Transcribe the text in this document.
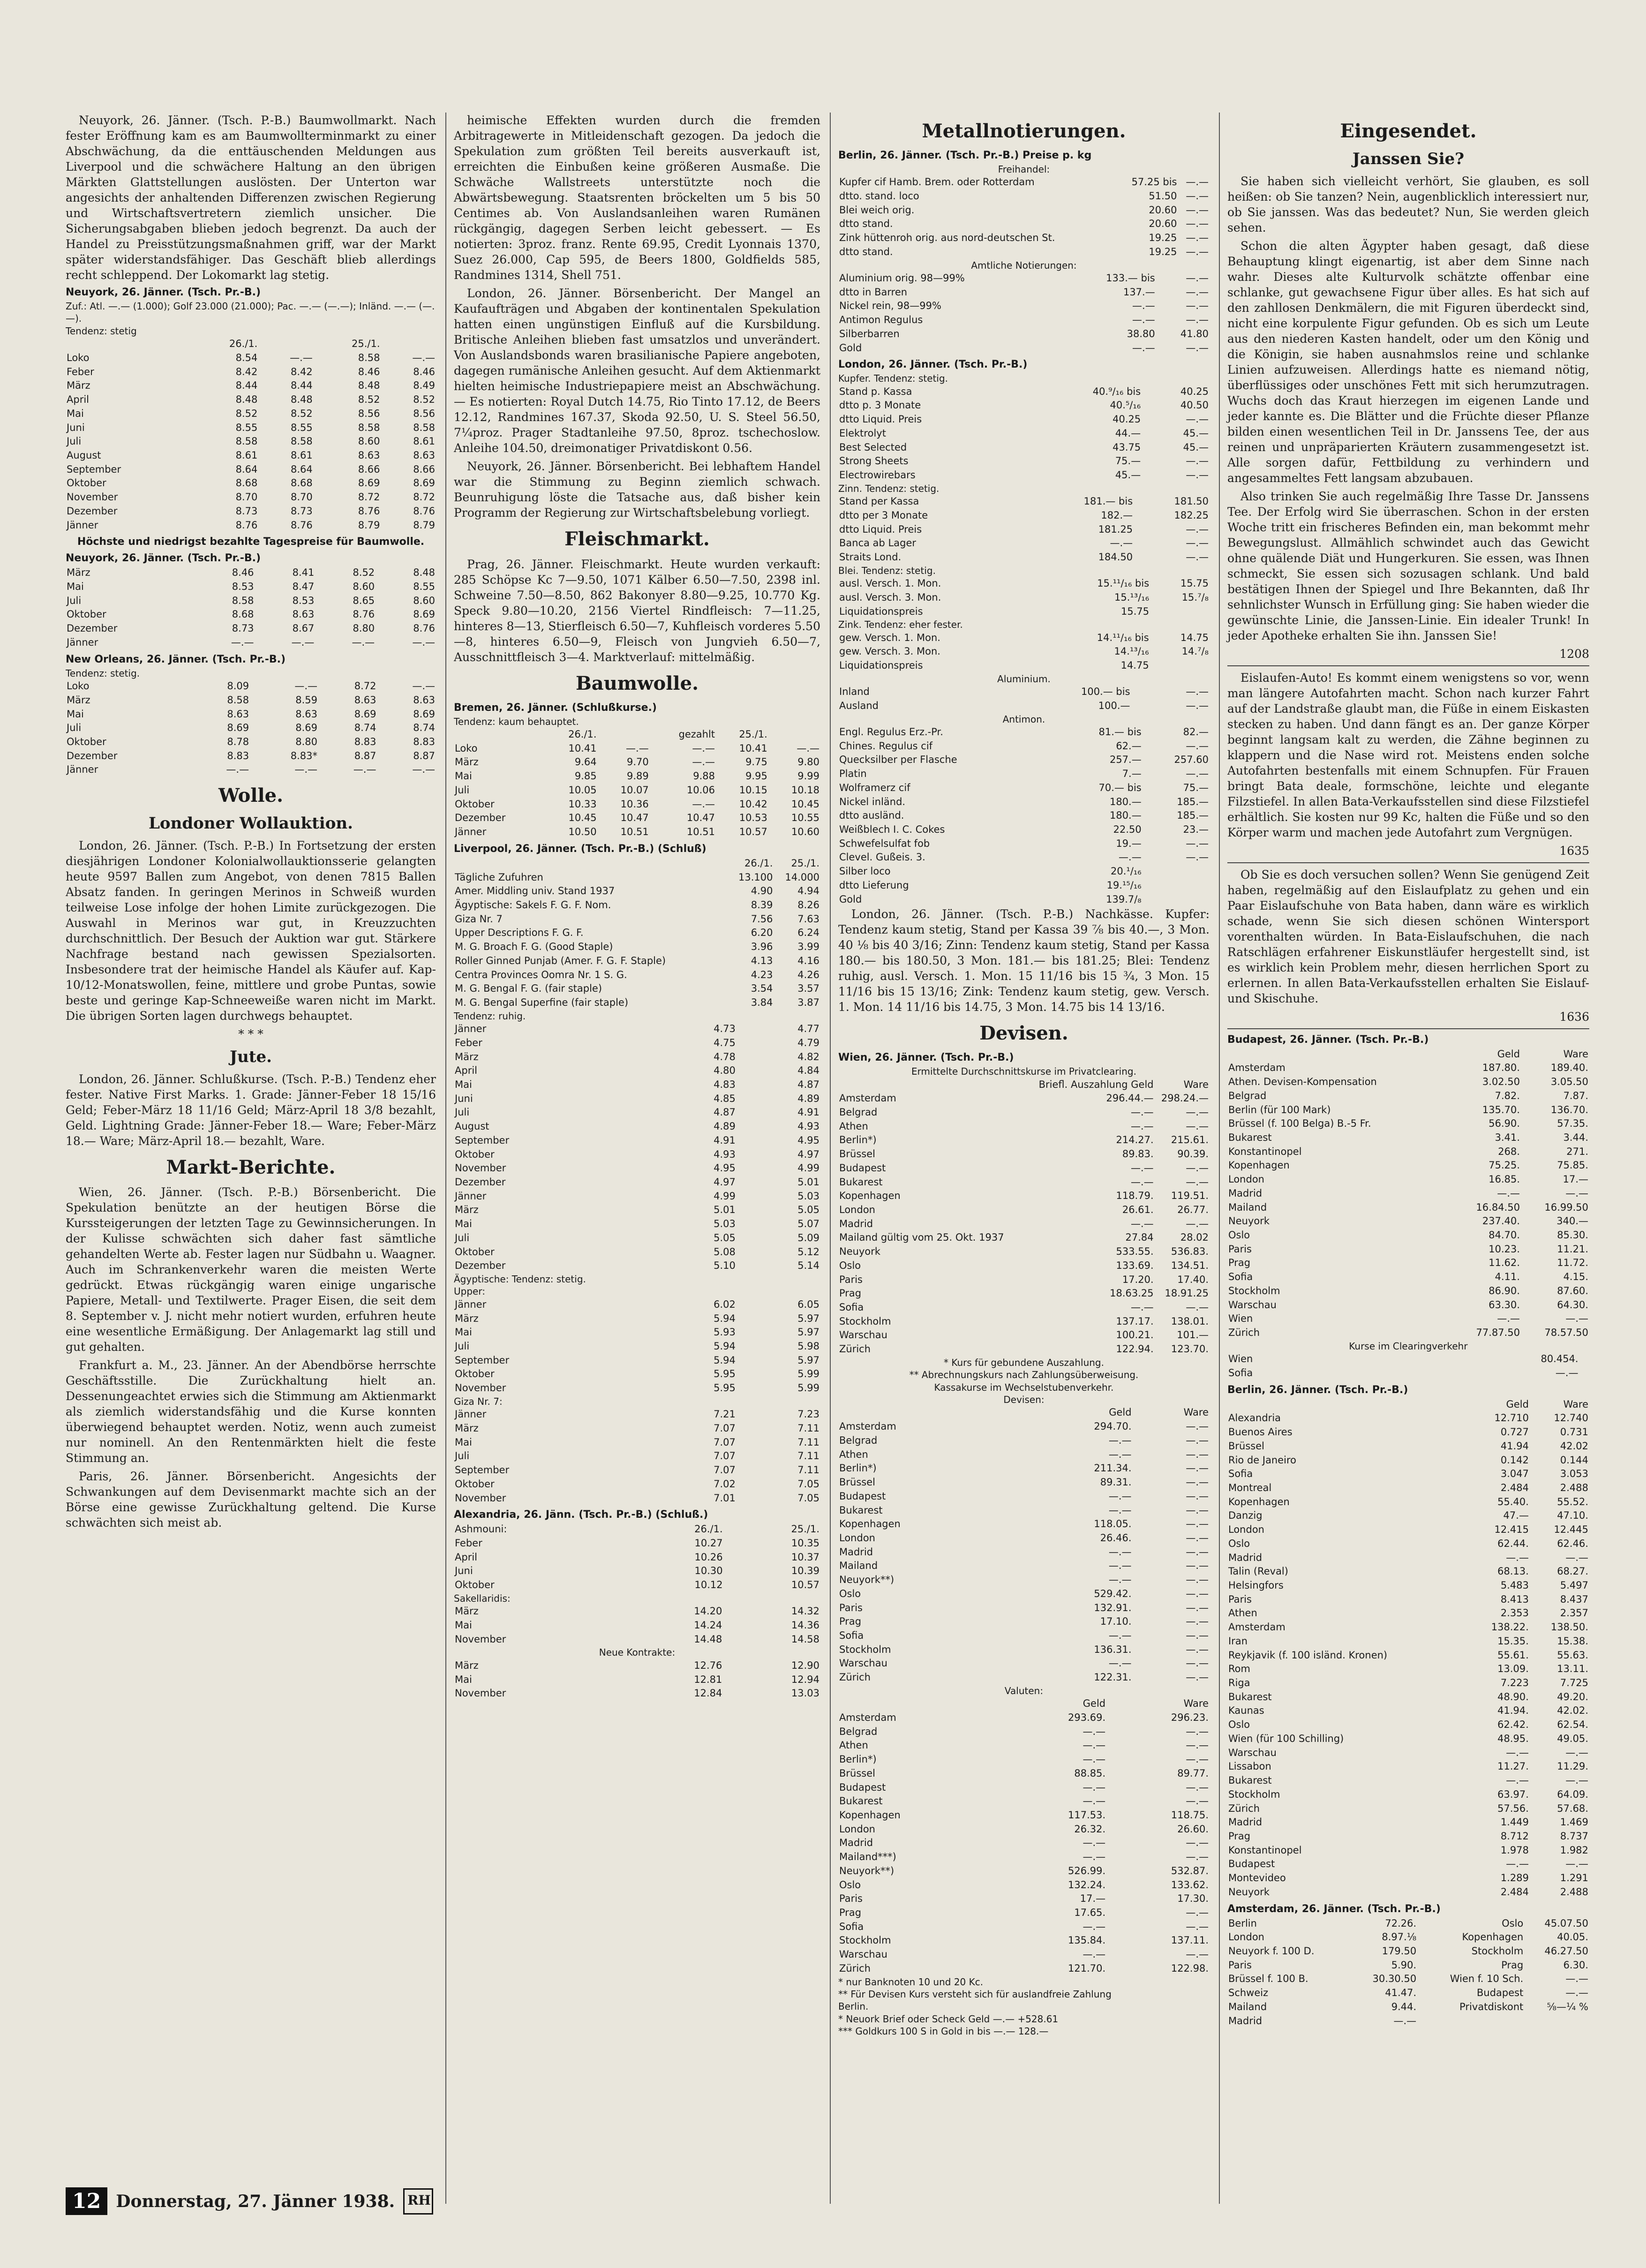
Neuyork, 26. Jänner. (Tsch. P.-B.) Baumwollmarkt. Nach fester Eröffnung kam es am Baumwollterminmarkt zu einer Abschwächung, da die enttäuschenden Meldungen aus Liverpool und die schwächere Haltung an den übrigen Märkten Glattstellungen auslösten. Der Unterton war angesichts der anhaltenden Differenzen zwischen Regierung und Wirtschaftsvertretern ziemlich unsicher. Die Sicherungsabgaben blieben jedoch begrenzt. Da auch der Handel zu Preisstützungsmaßnahmen griff, war der Markt später widerstandsfähiger. Das Geschäft blieb allerdings recht schleppend. Der Lokomarkt lag stetig.

Neuyork, 26. Jänner. (Tsch. Pr.-B.)
Zuf.: Atl. —.— (1.000); Golf 23.000 (21.000); Pac. —.— (—.—); Inländ. —.— (—.—).
Tendenz: stetig
	26./1.		25./1.	
Loko	8.54	—.—	8.58	—.—
Feber	8.42	8.42	8.46	8.46
März	8.44	8.44	8.48	8.49
April	8.48	8.48	8.52	8.52
Mai	8.52	8.52	8.56	8.56
Juni	8.55	8.55	8.58	8.58
Juli	8.58	8.58	8.60	8.61
August	8.61	8.61	8.63	8.63
September	8.64	8.64	8.66	8.66
Oktober	8.68	8.68	8.69	8.69
November	8.70	8.70	8.72	8.72
Dezember	8.73	8.73	8.76	8.76
Jänner	8.76	8.76	8.79	8.79
Höchste und niedrigst bezahlte Tagespreise für Baumwolle.
Neuyork, 26. Jänner. (Tsch. Pr.-B.)
März	8.46	8.41	8.52	8.48
Mai	8.53	8.47	8.60	8.55
Juli	8.58	8.53	8.65	8.60
Oktober	8.68	8.63	8.76	8.69
Dezember	8.73	8.67	8.80	8.76
Jänner	—.—	—.—	—.—	—.—
New Orleans, 26. Jänner. (Tsch. Pr.-B.)
Tendenz: stetig.
Loko	8.09	—.—	8.72	—.—
März	8.58	8.59	8.63	8.63
Mai	8.63	8.63	8.69	8.69
Juli	8.69	8.69	8.74	8.74
Oktober	8.78	8.80	8.83	8.83
Dezember	8.83	8.83*	8.87	8.87
Jänner	—.—	—.—	—.—	—.—
Wolle.
Londoner Wollauktion.

London, 26. Jänner. (Tsch. P.-B.) In Fortsetzung der ersten diesjährigen Londoner Kolonialwollauktionsserie gelangten heute 9597 Ballen zum Angebot, von denen 7815 Ballen Absatz fanden. In geringen Merinos in Schweiß wurden teilweise Lose infolge der hohen Limite zurückgezogen. Die Auswahl in Merinos war gut, in Kreuzzuchten durchschnittlich. Der Besuch der Auktion war gut. Stärkere Nachfrage bestand nach gewissen Spezialsorten. Insbesondere trat der heimische Handel als Käufer auf. Kap-10/12-Monatswollen, feine, mittlere und grobe Puntas, sowie beste und geringe Kap-Schneeweiße waren nicht im Markt. Die übrigen Sorten lagen durchwegs behauptet.

* * *
Jute.

London, 26. Jänner. Schlußkurse. (Tsch. P.-B.) Tendenz eher fester. Native First Marks. 1. Grade: Jänner-Feber 18 15/16 Geld; Feber-März 18 11/16 Geld; März-April 18 3/8 bezahlt, Geld. Lightning Grade: Jänner-Feber 18.— Ware; Feber-März 18.— Ware; März-April 18.— bezahlt, Ware.

Markt-Berichte.

Wien, 26. Jänner. (Tsch. P.-B.) Börsenbericht. Die Spekulation benützte an der heutigen Börse die Kurssteigerungen der letzten Tage zu Gewinnsicherungen. In der Kulisse schwächten sich daher fast sämtliche gehandelten Werte ab. Fester lagen nur Südbahn u. Waagner. Auch im Schrankenverkehr waren die meisten Werte gedrückt. Etwas rückgängig waren einige ungarische Papiere, Metall- und Textilwerte. Prager Eisen, die seit dem 8. September v. J. nicht mehr notiert wurden, erfuhren heute eine wesentliche Ermäßigung. Der Anlagemarkt lag still und gut gehalten.

Frankfurt a. M., 23. Jänner. An der Abendbörse herrschte Geschäftsstille. Die Zurückhaltung hielt an. Dessenungeachtet erwies sich die Stimmung am Aktienmarkt als ziemlich widerstandsfähig und die Kurse konnten überwiegend behauptet werden. Notiz, wenn auch zumeist nur nominell. An den Rentenmärkten hielt die feste Stimmung an.

Paris, 26. Jänner. Börsenbericht. Angesichts der Schwankungen auf dem Devisenmarkt machte sich an der Börse eine gewisse Zurückhaltung geltend. Die Kurse schwächten sich meist ab.

heimische Effekten wurden durch die fremden Arbitragewerte in Mitleidenschaft gezogen. Da jedoch die Spekulation zum größten Teil bereits ausverkauft ist, erreichten die Einbußen keine größeren Ausmaße. Die Schwäche Wallstreets unterstützte noch die Abwärtsbewegung. Staatsrenten bröckelten um 5 bis 50 Centimes ab. Von Auslandsanleihen waren Rumänen rückgängig, dagegen Serben leicht gebessert. — Es notierten: 3proz. franz. Rente 69.95, Credit Lyonnais 1370, Suez 26.000, Cap 595, de Beers 1800, Goldfields 585, Randmines 1314, Shell 751.

London, 26. Jänner. Börsenbericht. Der Mangel an Kaufaufträgen und Abgaben der kontinentalen Spekulation hatten einen ungünstigen Einfluß auf die Kursbildung. Britische Anleihen blieben fast umsatzlos und unverändert. Von Auslandsbonds waren brasilianische Papiere angeboten, dagegen rumänische Anleihen gesucht. Auf dem Aktienmarkt hielten heimische Industriepapiere meist an Abschwächung. — Es notierten: Royal Dutch 14.75, Rio Tinto 17.12, de Beers 12.12, Randmines 167.37, Skoda 92.50, U. S. Steel 56.50, 7¼proz. Prager Stadtanleihe 97.50, 8proz. tschechoslow. Anleihe 104.50, dreimonatiger Privatdiskont 0.56.

Neuyork, 26. Jänner. Börsenbericht. Bei lebhaftem Handel war die Stimmung zu Beginn ziemlich schwach. Beunruhigung löste die Tatsache aus, daß bisher kein Programm der Regierung zur Wirtschaftsbelebung vorliegt.

Fleischmarkt.

Prag, 26. Jänner. Fleischmarkt. Heute wurden verkauft: 285 Schöpse Kc 7—9.50, 1071 Kälber 6.50—7.50, 2398 inl. Schweine 7.50—8.50, 862 Bakonyer 8.80—9.25, 10.770 Kg. Speck 9.80—10.20, 2156 Viertel Rindfleisch: 7—11.25, hinteres 8—13, Stierfleisch 6.50—7, Kuhfleisch vorderes 5.50—8, hinteres 6.50—9, Fleisch von Jungvieh 6.50—7, Ausschnittfleisch 3—4. Marktverlauf: mittelmäßig.

Baumwolle.
Bremen, 26. Jänner. (Schlußkurse.)
Tendenz: kaum behauptet.
	26./1.		gezahlt	25./1.	
Loko	10.41	—.—	—.—	10.41	—.—
März	9.64	9.70	—.—	9.75	9.80
Mai	9.85	9.89	9.88	9.95	9.99
Juli	10.05	10.07	10.06	10.15	10.18
Oktober	10.33	10.36	—.—	10.42	10.45
Dezember	10.45	10.47	10.47	10.53	10.55
Jänner	10.50	10.51	10.51	10.57	10.60
Liverpool, 26. Jänner. (Tsch. Pr.-B.) (Schluß)
	26./1.	25./1.
Tägliche Zufuhren	13.100	14.000
Amer. Middling univ. Stand 1937	4.90	4.94
Ägyptische: Sakels F. G. F. Nom.	8.39	8.26
Giza Nr. 7	7.56	7.63
Upper Descriptions F. G. F.	6.20	6.24
M. G. Broach F. G. (Good Staple)	3.96	3.99
Roller Ginned Punjab (Amer. F. G. F. Staple)	4.13	4.16
Centra Provinces Oomra Nr. 1 S. G.	4.23	4.26
M. G. Bengal F. G. (fair staple)	3.54	3.57
M. G. Bengal Superfine (fair staple)	3.84	3.87
Tendenz: ruhig.
Jänner	4.73	4.77
Feber	4.75	4.79
März	4.78	4.82
April	4.80	4.84
Mai	4.83	4.87
Juni	4.85	4.89
Juli	4.87	4.91
August	4.89	4.93
September	4.91	4.95
Oktober	4.93	4.97
November	4.95	4.99
Dezember	4.97	5.01
Jänner	4.99	5.03
März	5.01	5.05
Mai	5.03	5.07
Juli	5.05	5.09
Oktober	5.08	5.12
Dezember	5.10	5.14
Ägyptische: Tendenz: stetig.
Upper:
Jänner	6.02	6.05
März	5.94	5.97
Mai	5.93	5.97
Juli	5.94	5.98
September	5.94	5.97
Oktober	5.95	5.99
November	5.95	5.99
Giza Nr. 7:
Jänner	7.21	7.23
März	7.07	7.11
Mai	7.07	7.11
Juli	7.07	7.11
September	7.07	7.11
Oktober	7.02	7.05
November	7.01	7.05
Alexandria, 26. Jänn. (Tsch. Pr.-B.) (Schluß.)
Ashmouni:	26./1.	25./1.
Feber	10.27	10.35
April	10.26	10.37
Juni	10.30	10.39
Oktober	10.12	10.57
Sakellaridis:
März	14.20	14.32
Mai	14.24	14.36
November	14.48	14.58
Neue Kontrakte:
März	12.76	12.90
Mai	12.81	12.94
November	12.84	13.03
Metallnotierungen.
Berlin, 26. Jänner. (Tsch. Pr.-B.) Preise p. kg
Freihandel:
Kupfer cif Hamb. Brem. oder Rotterdam	57.25 bis	—.—
dtto. stand. loco	51.50	—.—
Blei weich orig.	20.60	—.—
dtto stand.	20.60	—.—
Zink hüttenroh orig. aus nord-deutschen St.	19.25	—.—
dtto stand.	19.25	—.—
Amtliche Notierungen:
Aluminium orig. 98—99%	133.— bis	—.—
dtto in Barren	137.—	—.—
Nickel rein, 98—99%	—.—	—.—
Antimon Regulus	—.—	—.—
Silberbarren	38.80	41.80
Gold	—.—	—.—
London, 26. Jänner. (Tsch. Pr.-B.)
Kupfer. Tendenz: stetig.
Stand p. Kassa	40.⁹/₁₆ bis	40.25
dtto p. 3 Monate	40.⁵/₁₆	40.50
dtto Liquid. Preis	40.25	—.—
Elektrolyt	44.—	45.—
Best Selected	43.75	45.—
Strong Sheets	75.—	—.—
Electrowirebars	45.—	—.—
Zinn. Tendenz: stetig.
Stand per Kassa	181.— bis	181.50
dtto per 3 Monate	182.—	182.25
dtto Liquid. Preis	181.25	—.—
Banca ab Lager	—.—	—.—
Straits Lond.	184.50	—.—
Blei. Tendenz: stetig.
ausl. Versch. 1. Mon.	15.¹¹/₁₆ bis	15.75
ausl. Versch. 3. Mon.	15.¹³/₁₆	15.⁷/₈
Liquidationspreis	15.75	
Zink. Tendenz: eher fester.
gew. Versch. 1. Mon.	14.¹¹/₁₆ bis	14.75
gew. Versch. 3. Mon.	14.¹³/₁₆	14.⁷/₈
Liquidationspreis	14.75	
Aluminium.
Inland	100.— bis	—.—
Ausland	100.—	—.—
Antimon.
Engl. Regulus Erz.-Pr.	81.— bis	82.—
Chines. Regulus cif	62.—	—.—
Quecksilber per Flasche	257.—	257.60
Platin	7.—	—.—
Wolframerz cif	70.— bis	75.—
Nickel inländ.	180.—	185.—
dtto ausländ.	180.—	185.—
Weißblech I. C. Cokes	22.50	23.—
Schwefelsulfat fob	19.—	—.—
Clevel. Gußeis. 3.	—.—	—.—
Silber loco	20.¹/₁₆	
dtto Lieferung	19.¹⁵/₁₆	
Gold	139.7/₈	

London, 26. Jänner. (Tsch. P.-B.) Nachkässe. Kupfer: Tendenz kaum stetig, Stand per Kassa 39 ⅞ bis 40.—, 3 Mon. 40 ⅛ bis 40 3/16; Zinn: Tendenz kaum stetig, Stand per Kassa 180.— bis 180.50, 3 Mon. 181.— bis 181.25; Blei: Tendenz ruhig, ausl. Versch. 1. Mon. 15 11/16 bis 15 ¾, 3 Mon. 15 11/16 bis 15 13/16; Zink: Tendenz kaum stetig, gew. Versch. 1. Mon. 14 11/16 bis 14.75, 3 Mon. 14.75 bis 14 13/16.

Devisen.
Wien, 26. Jänner. (Tsch. Pr.-B.)
Ermittelte Durchschnittskurse im Privatclearing.
	Briefl. Auszahlung Geld	Ware
Amsterdam	296.44.—	298.24.—
Belgrad	—.—	—.—
Athen	—.—	—.—
Berlin*)	214.27.	215.61.
Brüssel	89.83.	90.39.
Budapest	—.—	—.—
Bukarest	—.—	—.—
Kopenhagen	118.79.	119.51.
London	26.61.	26.77.
Madrid	—.—	—.—
Mailand gültig vom 25. Okt. 1937	27.84	28.02
Neuyork	533.55.	536.83.
Oslo	133.69.	134.51.
Paris	17.20.	17.40.
Prag	18.63.25	18.91.25
Sofia	—.—	—.—
Stockholm	137.17.	138.01.
Warschau	100.21.	101.—
Zürich	122.94.	123.70.
* Kurs für gebundene Auszahlung.
** Abrechnungskurs nach Zahlungsüberweisung.
Kassakurse im Wechselstubenverkehr.
Devisen:
	Geld	Ware
Amsterdam	294.70.	—.—
Belgrad	—.—	—.—
Athen	—.—	—.—
Berlin*)	211.34.	—.—
Brüssel	89.31.	—.—
Budapest	—.—	—.—
Bukarest	—.—	—.—
Kopenhagen	118.05.	—.—
London	26.46.	—.—
Madrid	—.—	—.—
Mailand	—.—	—.—
Neuyork**)	—.—	—.—
Oslo	529.42.	—.—
Paris	132.91.	—.—
Prag	17.10.	—.—
Sofia	—.—	—.—
Stockholm	136.31.	—.—
Warschau	—.—	—.—
Zürich	122.31.	—.—
Valuten:
	Geld	Ware
Amsterdam	293.69.	296.23.
Belgrad	—.—	—.—
Athen	—.—	—.—
Berlin*)	—.—	—.—
Brüssel	88.85.	89.77.
Budapest	—.—	—.—
Bukarest	—.—	—.—
Kopenhagen	117.53.	118.75.
London	26.32.	26.60.
Madrid	—.—	—.—
Mailand***)	—.—	—.—
Neuyork**)	526.99.	532.87.
Oslo	132.24.	133.62.
Paris	17.—	17.30.
Prag	17.65.	—.—
Sofia	—.—	—.—
Stockholm	135.84.	137.11.
Warschau	—.—	—.—
Zürich	121.70.	122.98.
* nur Banknoten 10 und 20 Kc.
** Für Devisen Kurs versteht sich für auslandfreie Zahlung
Berlin.
* Neuork Brief oder Scheck Geld —.— +528.61
*** Goldkurs 100 S in Gold in bis —.— 128.—
Eingesendet.
Janssen Sie?

Sie haben sich vielleicht verhört, Sie glauben, es soll heißen: ob Sie tanzen? Nein, augenblicklich interessiert nur, ob Sie janssen. Was das bedeutet? Nun, Sie werden gleich sehen.

Schon die alten Ägypter haben gesagt, daß diese Behauptung klingt eigenartig, ist aber dem Sinne nach wahr. Dieses alte Kulturvolk schätzte offenbar eine schlanke, gut gewachsene Figur über alles. Es hat sich auf den zahllosen Denkmälern, die mit Figuren überdeckt sind, nicht eine korpulente Figur gefunden. Ob es sich um Leute aus den niederen Kasten handelt, oder um den König und die Königin, sie haben ausnahmslos reine und schlanke Linien aufzuweisen. Allerdings hatte es niemand nötig, überflüssiges oder unschönes Fett mit sich herumzutragen. Wuchs doch das Kraut hierzegen im eigenen Lande und jeder kannte es. Die Blätter und die Früchte dieser Pflanze bilden einen wesentlichen Teil in Dr. Janssens Tee, der aus reinen und unpräparierten Kräutern zusammengesetzt ist. Alle sorgen dafür, Fettbildung zu verhindern und angesammeltes Fett langsam abzubauen.

Also trinken Sie auch regelmäßig Ihre Tasse Dr. Janssens Tee. Der Erfolg wird Sie überraschen. Schon in der ersten Woche tritt ein frischeres Befinden ein, man bekommt mehr Bewegungslust. Allmählich schwindet auch das Gewicht ohne quälende Diät und Hungerkuren. Sie essen, was Ihnen schmeckt, Sie essen sich sozusagen schlank. Und bald bestätigen Ihnen der Spiegel und Ihre Bekannten, daß Ihr sehnlichster Wunsch in Erfüllung ging: Sie haben wieder die gewünschte Linie, die Janssen-Linie. Ein idealer Trunk! In jeder Apotheke erhalten Sie ihn. Janssen Sie!

1208

Eislaufen-Auto! Es kommt einem wenigstens so vor, wenn man längere Autofahrten macht. Schon nach kurzer Fahrt auf der Landstraße glaubt man, die Füße in einem Eiskasten stecken zu haben. Und dann fängt es an. Der ganze Körper beginnt langsam kalt zu werden, die Zähne beginnen zu klappern und die Nase wird rot. Meistens enden solche Autofahrten bestenfalls mit einem Schnupfen. Für Frauen bringt Bata deale, formschöne, leichte und elegante Filzstiefel. In allen Bata-Verkaufsstellen sind diese Filzstiefel erhältlich. Sie kosten nur 99 Kc, halten die Füße und so den Körper warm und machen jede Autofahrt zum Vergnügen.

1635

Ob Sie es doch versuchen sollen? Wenn Sie genügend Zeit haben, regelmäßig auf den Eislaufplatz zu gehen und ein Paar Eislaufschuhe von Bata haben, dann wäre es wirklich schade, wenn Sie sich diesen schönen Wintersport vorenthalten würden. In Bata-Eislaufschuhen, die nach Ratschlägen erfahrener Eiskunstläufer hergestellt sind, ist es wirklich kein Problem mehr, diesen herrlichen Sport zu erlernen. In allen Bata-Verkaufsstellen erhalten Sie Eislauf- und Skischuhe.

1636
Budapest, 26. Jänner. (Tsch. Pr.-B.)
	Geld	Ware
Amsterdam	187.80.	189.40.
Athen. Devisen-Kompensation	3.02.50	3.05.50
Belgrad	7.82.	7.87.
Berlin (für 100 Mark)	135.70.	136.70.
Brüssel (f. 100 Belga) B.-5 Fr.	56.90.	57.35.
Bukarest	3.41.	3.44.
Konstantinopel	268.	271.
Kopenhagen	75.25.	75.85.
London	16.85.	17.—
Madrid	—.—	—.—
Mailand	16.84.50	16.99.50
Neuyork	237.40.	340.—
Oslo	84.70.	85.30.
Paris	10.23.	11.21.
Prag	11.62.	11.72.
Sofia	4.11.	4.15.
Stockholm	86.90.	87.60.
Warschau	63.30.	64.30.
Wien	—.—	—.—
Zürich	77.87.50	78.57.50
Kurse im Clearingverkehr
Wien	80.454.	
Sofia	—.—	
Berlin, 26. Jänner. (Tsch. Pr.-B.)
	Geld	Ware
Alexandria	12.710	12.740
Buenos Aires	0.727	0.731
Brüssel	41.94	42.02
Rio de Janeiro	0.142	0.144
Sofia	3.047	3.053
Montreal	2.484	2.488
Kopenhagen	55.40.	55.52.
Danzig	47.—	47.10.
London	12.415	12.445
Oslo	62.44.	62.46.
Madrid	—.—	—.—
Talin (Reval)	68.13.	68.27.
Helsingfors	5.483	5.497
Paris	8.413	8.437
Athen	2.353	2.357
Amsterdam	138.22.	138.50.
Iran	15.35.	15.38.
Reykjavik (f. 100 isländ. Kronen)	55.61.	55.63.
Rom	13.09.	13.11.
Riga	7.223	7.725
Bukarest	48.90.	49.20.
Kaunas	41.94.	42.02.
Oslo	62.42.	62.54.
Wien (für 100 Schilling)	48.95.	49.05.
Warschau	—.—	—.—
Lissabon	11.27.	11.29.
Bukarest	—.—	—.—
Stockholm	63.97.	64.09.
Zürich	57.56.	57.68.
Madrid	1.449	1.469
Prag	8.712	8.737
Konstantinopel	1.978	1.982
Budapest	—.—	—.—
Montevideo	1.289	1.291
Neuyork	2.484	2.488
Amsterdam, 26. Jänner. (Tsch. Pr.-B.)
Berlin	72.26.	Oslo	45.07.50
London	8.97.⅛	Kopenhagen	40.05.
Neuyork f. 100 D.	179.50	Stockholm	46.27.50
Paris	5.90.	Prag	6.30.
Brüssel f. 100 B.	30.30.50	Wien f. 10 Sch.	—.—
Schweiz	41.47.	Budapest	—.—
Mailand	9.44.	Privatdiskont	⅝—¼ %
Madrid	—.—		
12 Donnerstag, 27. Jänner 1938.
RH
